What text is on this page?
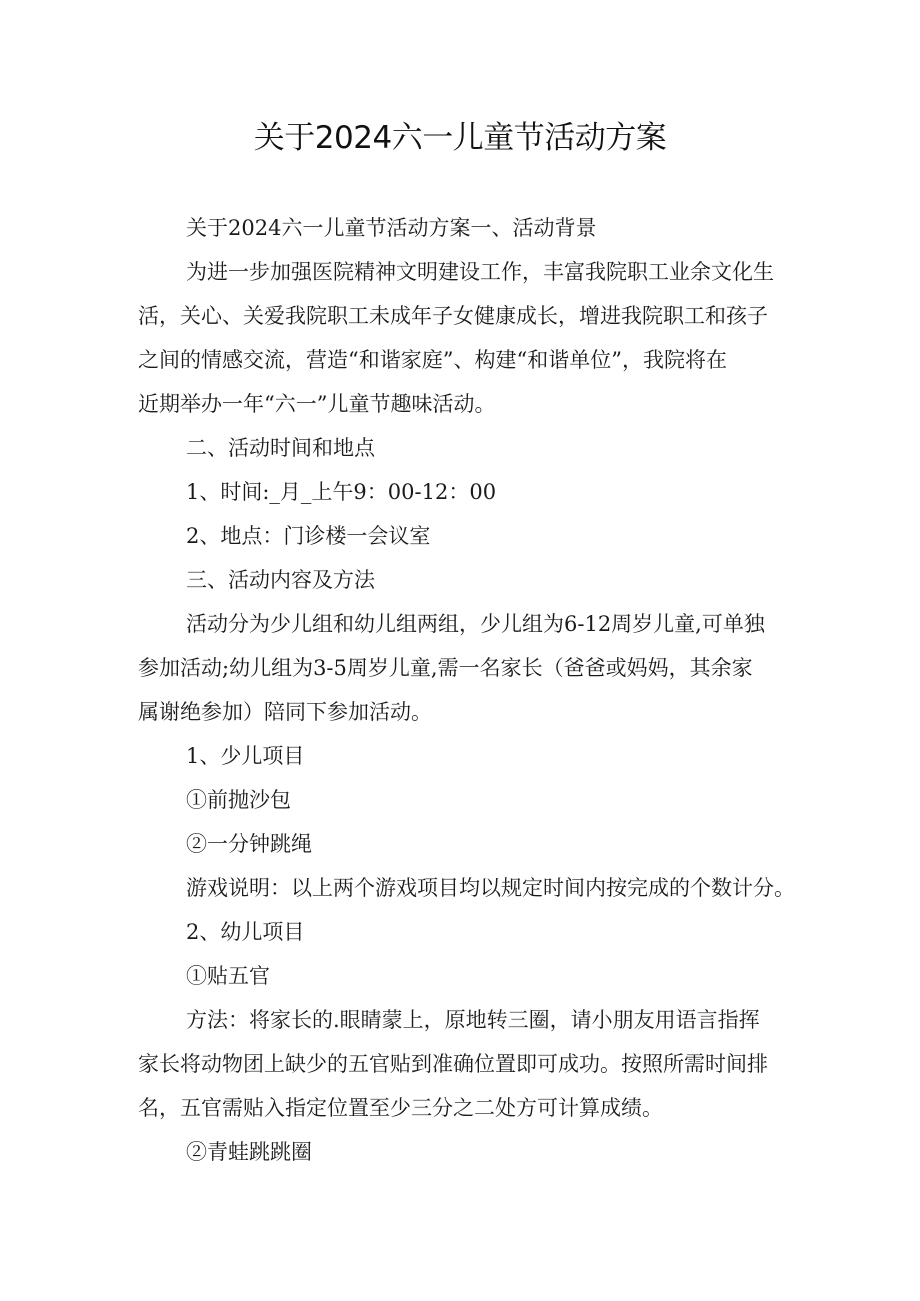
关于2024六一儿童节活动方案
关于2024六一儿童节活动方案一、活动背景
为进一步加强医院精神文明建设工作，丰富我院职工业余文化生
活，关心、关爱我院职工未成年子女健康成长，增进我院职工和孩子
之间的情感交流，营造“和谐家庭”、构建“和谐单位”，我院将在
近期举办一年“六一”儿童节趣味活动。
二、活动时间和地点
1、时间:_月_上午9：00-12：00
2、地点：门诊楼一会议室
三、活动内容及方法
活动分为少儿组和幼儿组两组，少儿组为6-12周岁儿童,可单独
参加活动;幼儿组为3-5周岁儿童,需一名家长（爸爸或妈妈，其余家
属谢绝参加）陪同下参加活动。
1、少儿项目
①前抛沙包
②一分钟跳绳
游戏说明：以上两个游戏项目均以规定时间内按完成的个数计分。
2、幼儿项目
①贴五官
方法：将家长的.眼睛蒙上，原地转三圈，请小朋友用语言指挥
家长将动物团上缺少的五官贴到准确位置即可成功。按照所需时间排
名，五官需贴入指定位置至少三分之二处方可计算成绩。
②青蛙跳跳圈
